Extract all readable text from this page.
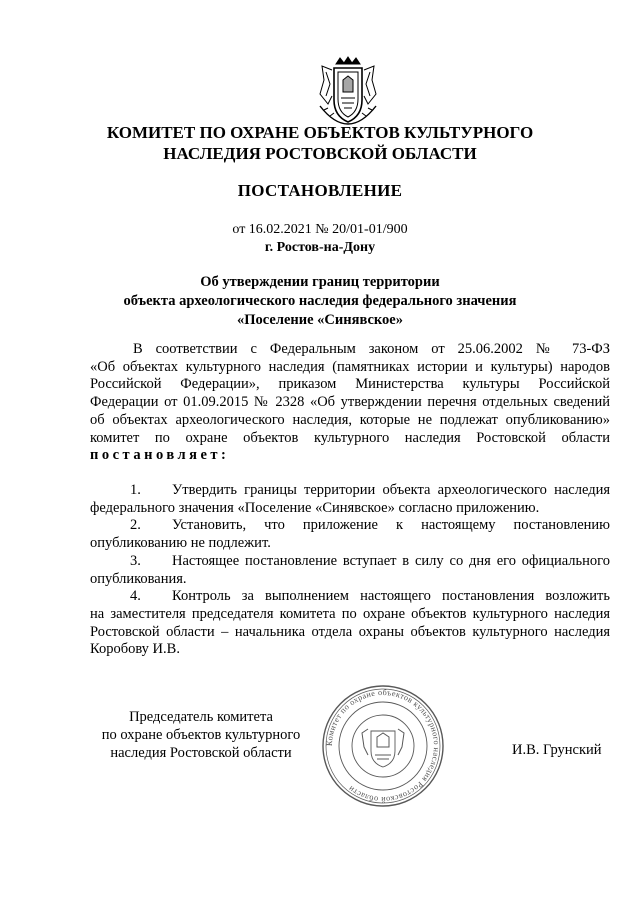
КОМИТЕТ ПО ОХРАНЕ ОБЪЕКТОВ КУЛЬТУРНОГО
НАСЛЕДИЯ РОСТОВСКОЙ ОБЛАСТИ
ПОСТАНОВЛЕНИЕ
от 16.02.2021 № 20/01-01/900
г. Ростов-на-Дону
Об утверждении границ территории
объекта археологического наследия федерального значения
«Поселение «Синявское»
В соответствии с Федеральным законом от 25.06.2002 № 73-ФЗ
«Об объектах культурного наследия (памятниках истории и культуры) народов
Российской Федерации», приказом Министерства культуры Российской
Федерации от 01.09.2015 № 2328 «Об утверждении перечня отдельных сведений
об объектах археологического наследия, которые не подлежат опубликованию»
комитет по охране объектов культурного наследия Ростовской области
постановляет:
1. Утвердить границы территории объекта археологического наследия
федерального значения «Поселение «Синявское» согласно приложению.
2. Установить, что приложение к настоящему постановлению
опубликованию не подлежит.
3. Настоящее постановление вступает в силу со дня его официального
опубликования.
4. Контроль за выполнением настоящего постановления возложить
на заместителя председателя комитета по охране объектов культурного наследия
Ростовской области – начальника отдела охраны объектов культурного наследия
Коробову И.В.
Председатель комитета
по охране объектов культурного
наследия Ростовской области
Комитет по охране объектов культурного наследия Ростовской области
И.В. Грунский
